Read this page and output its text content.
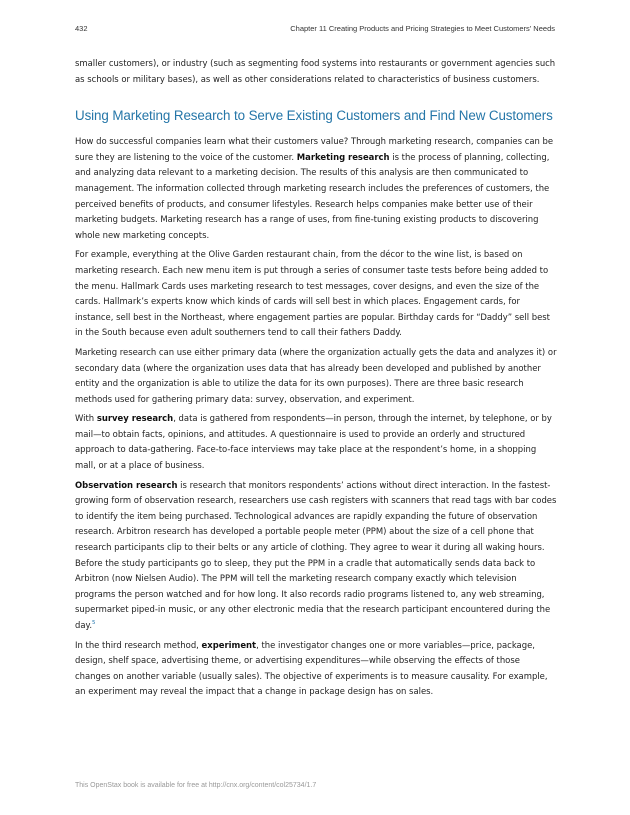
432	Chapter 11 Creating Products and Pricing Strategies to Meet Customers' Needs

smaller customers), or industry (such as segmenting food systems into restaurants or government agencies such as schools or military bases), as well as other considerations related to characteristics of business customers.

Using Marketing Research to Serve Existing Customers and Find New Customers

How do successful companies learn what their customers value? Through marketing research, companies can be sure they are listening to the voice of the customer. Marketing research is the process of planning, collecting, and analyzing data relevant to a marketing decision. The results of this analysis are then communicated to management. The information collected through marketing research includes the preferences of customers, the perceived benefits of products, and consumer lifestyles. Research helps companies make better use of their marketing budgets. Marketing research has a range of uses, from fine-tuning existing products to discovering whole new marketing concepts.

For example, everything at the Olive Garden restaurant chain, from the décor to the wine list, is based on marketing research. Each new menu item is put through a series of consumer taste tests before being added to the menu. Hallmark Cards uses marketing research to test messages, cover designs, and even the size of the cards. Hallmark’s experts know which kinds of cards will sell best in which places. Engagement cards, for instance, sell best in the Northeast, where engagement parties are popular. Birthday cards for “Daddy” sell best in the South because even adult southerners tend to call their fathers Daddy.

Marketing research can use either primary data (where the organization actually gets the data and analyzes it) or secondary data (where the organization uses data that has already been developed and published by another entity and the organization is able to utilize the data for its own purposes). There are three basic research methods used for gathering primary data: survey, observation, and experiment.

With survey research, data is gathered from respondents—in person, through the internet, by telephone, or by mail—to obtain facts, opinions, and attitudes. A questionnaire is used to provide an orderly and structured approach to data-gathering. Face-to-face interviews may take place at the respondent’s home, in a shopping mall, or at a place of business.

Observation research is research that monitors respondents’ actions without direct interaction. In the fastest-growing form of observation research, researchers use cash registers with scanners that read tags with bar codes to identify the item being purchased. Technological advances are rapidly expanding the future of observation research. Arbitron research has developed a portable people meter (PPM) about the size of a cell phone that research participants clip to their belts or any article of clothing. They agree to wear it during all waking hours. Before the study participants go to sleep, they put the PPM in a cradle that automatically sends data back to Arbitron (now Nielsen Audio). The PPM will tell the marketing research company exactly which television programs the person watched and for how long. It also records radio programs listened to, any web streaming, supermarket piped-in music, or any other electronic media that the research participant encountered during the day.$^5$

In the third research method, experiment, the investigator changes one or more variables—price, package, design, shelf space, advertising theme, or advertising expenditures—while observing the effects of those changes on another variable (usually sales). The objective of experiments is to measure causality. For example, an experiment may reveal the impact that a change in package design has on sales.

This OpenStax book is available for free at http://cnx.org/content/col25734/1.7
